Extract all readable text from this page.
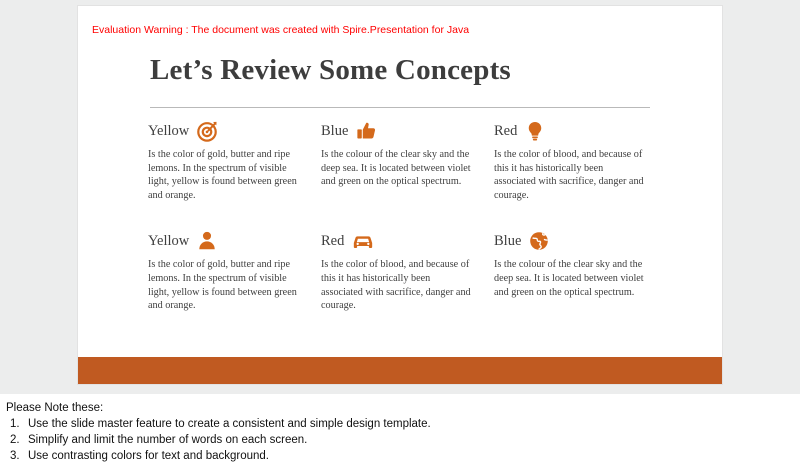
Evaluation Warning : The document was created with Spire.Presentation for Java
Let’s Review Some Concepts
Yellow
Is the color of gold, butter and ripe lemons. In the spectrum of visible light, yellow is found between green and orange.
Blue
Is the colour of the clear sky and the deep sea. It is located between violet and green on the optical spectrum.
Red
Is the color of blood, and because of this it has historically been associated with sacrifice, danger and courage.
Yellow
Is the color of gold, butter and ripe lemons. In the spectrum of visible light, yellow is found between green and orange.
Red
Is the color of blood, and because of this it has historically been associated with sacrifice, danger and courage.
Blue
Is the colour of the clear sky and the deep sea. It is located between violet and green on the optical spectrum.
Please Note these:
1. Use the slide master feature to create a consistent and simple design template.
2. Simplify and limit the number of words on each screen.
3. Use contrasting colors for text and background.
